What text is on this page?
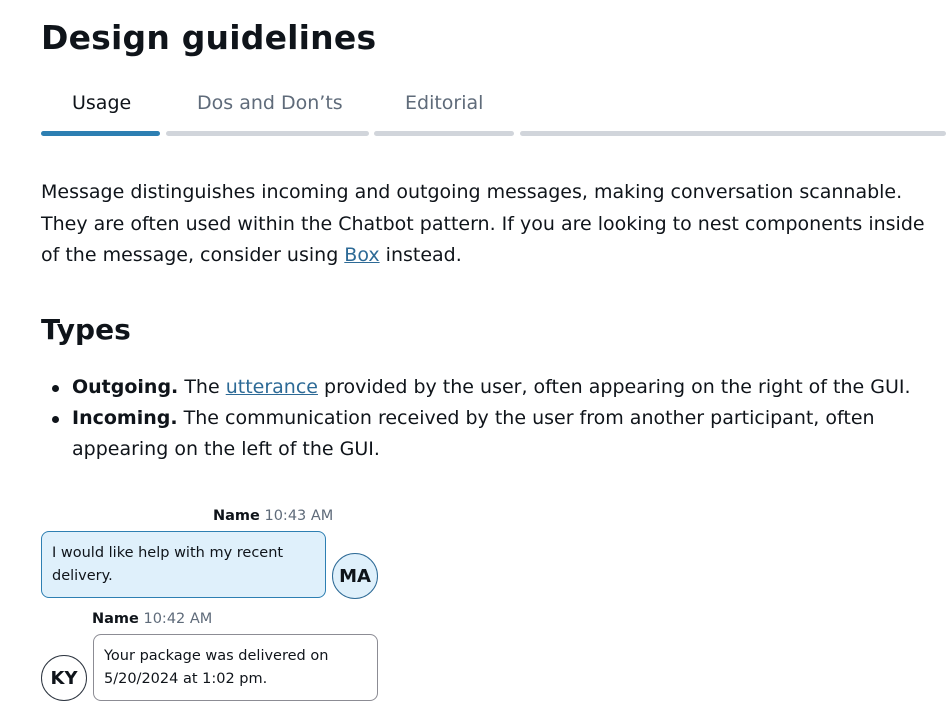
Design guidelines
Usage	Dos and Don’ts	Editorial

Message distinguishes incoming and outgoing messages, making conversation scannable. They are often used within the Chatbot pattern. If you are looking to nest components inside of the message, consider using Box instead.

Types
Outgoing. The utterance provided by the user, often appearing on the right of the GUI.
Incoming. The communication received by the user from another participant, often appearing on the left of the GUI.
Name 10:43 AM
I would like help with my recent delivery.	MA
Name 10:42 AM
KY
Your package was delivered on 5/20/2024 at 1:02 pm.
